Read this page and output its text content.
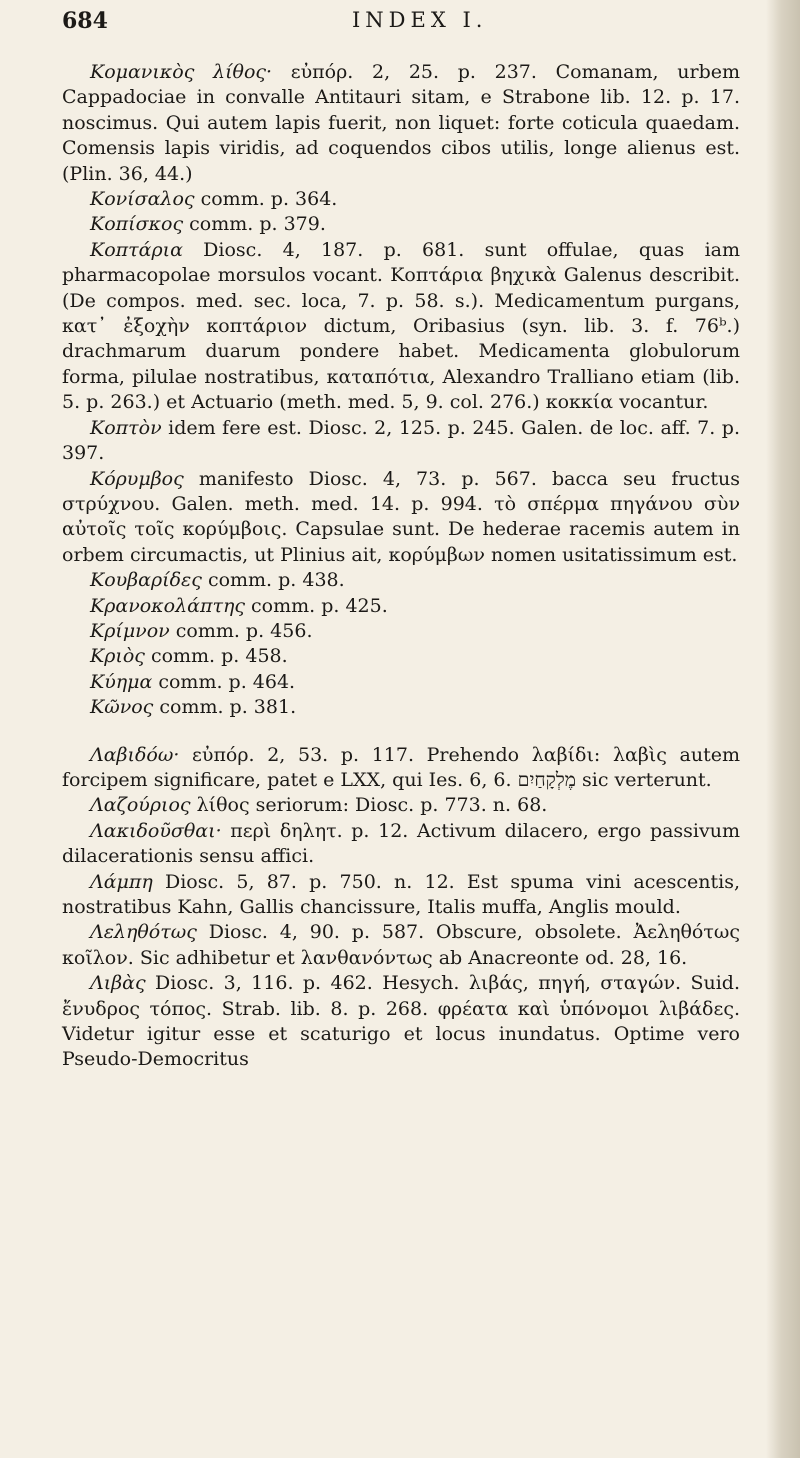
684	INDEX I.

Κομανικὸς λίθος· εὐπόρ. 2, 25. p. 237. Comanam, urbem Cappadociae in convalle Antitauri sitam, e Strabone lib. 12. p. 17. noscimus. Qui autem lapis fuerit, non liquet: forte coticula quaedam. Comensis lapis viridis, ad coquendos cibos utilis, longe alienus est. (Plin. 36, 44.)

Κονίσαλος comm. p. 364.

Κοπίσκος comm. p. 379.

Κοπτάρια Diosc. 4, 187. p. 681. sunt offulae, quas iam pharmacopolae morsulos vocant. Κοπτάρια βηχικὰ Galenus describit. (De compos. med. sec. loca, 7. p. 58. s.). Medicamentum purgans, κατ᾿ ἐξοχὴν κοπτάριον dictum, Oribasius (syn. lib. 3. f. 76ᵇ.) drachmarum duarum pondere habet. Medicamenta globulorum forma, pilulae nostratibus, καταπότια, Alexandro Tralliano etiam (lib. 5. p. 263.) et Actuario (meth. med. 5, 9. col. 276.) κοκκία vocantur.

Κοπτὸν idem fere est. Diosc. 2, 125. p. 245. Galen. de loc. aff. 7. p. 397.

Κόρυμβος manifesto Diosc. 4, 73. p. 567. bacca seu fructus στρύχνου. Galen. meth. med. 14. p. 994. τὸ σπέρμα πηγάνου σὺν αὐτοῖς τοῖς κορύμβοις. Capsulae sunt. De hederae racemis autem in orbem circumactis, ut Plinius ait, κορύμβων nomen usitatissimum est.

Κουβαρίδες comm. p. 438.

Κρανοκολάπτης comm. p. 425.

Κρίμνον comm. p. 456.

Κριὸς comm. p. 458.

Κύημα comm. p. 464.

Κῶνος comm. p. 381.

Λαβιδόω· εὐπόρ. 2, 53. p. 117. Prehendo λαβίδι: λαβὶς autem forcipem significare, patet e LXX, qui Ies. 6, 6. מֶלְקָחַיִם sic verterunt.

Λαζούριος λίθος seriorum: Diosc. p. 773. n. 68.

Λακιδοῦσθαι· περὶ δηλητ. p. 12. Activum dilacero, ergo passivum dilacerationis sensu affici.

Λάμπη Diosc. 5, 87. p. 750. n. 12. Est spuma vini acescentis, nostratibus Kahn, Gallis chancissure, Italis muffa, Anglis mould.

Λεληθότως Diosc. 4, 90. p. 587. Obscure, obsolete. Ἀεληθότως κοῖλον. Sic adhibetur et λανθανόντως ab Anacreonte od. 28, 16.

Λιβὰς Diosc. 3, 116. p. 462. Hesych. λιβάς, πηγή, σταγών. Suid. ἔνυδρος τόπος. Strab. lib. 8. p. 268. φρέατα καὶ ὑπόνομοι λιβάδες. Videtur igitur esse et scaturigo et locus inundatus. Optime vero Pseudo-Democritus
